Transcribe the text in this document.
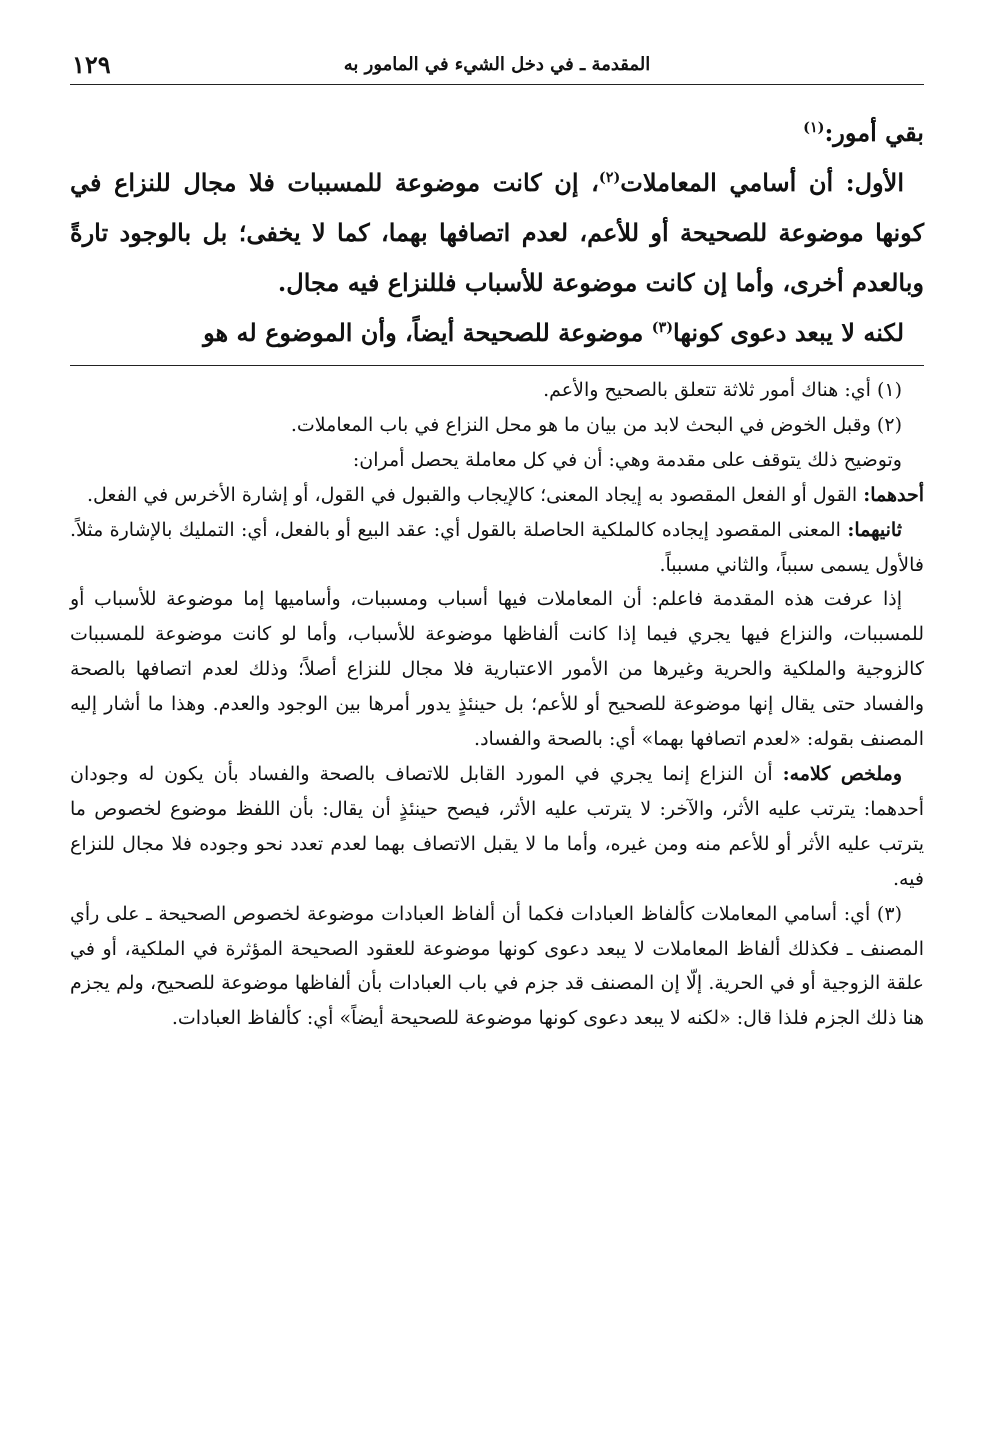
المقدمة ـ في دخل الشيء في المامور به
١٢٩

بقي أمور:$^{(١)}$

الأول: أن أسامي المعاملات$^{(٢)}$، إن كانت موضوعة للمسببات فلا مجال للنزاع في كونها موضوعة للصحيحة أو للأعم، لعدم اتصافها بهما، كما لا يخفى؛ بل بالوجود تارةً وبالعدم أخرى، وأما إن كانت موضوعة للأسباب فللنزاع فيه مجال.

لكنه لا يبعد دعوى كونها$^{(٣)}$ موضوعة للصحيحة أيضاً، وأن الموضوع له هو

(١) أي: هناك أمور ثلاثة تتعلق بالصحيح والأعم.

(٢) وقبل الخوض في البحث لابد من بيان ما هو محل النزاع في باب المعاملات.

وتوضيح ذلك يتوقف على مقدمة وهي: أن في كل معاملة يحصل أمران:

أحدهما: القول أو الفعل المقصود به إيجاد المعنى؛ كالإيجاب والقبول في القول، أو إشارة الأخرس في الفعل.

ثانيهما: المعنى المقصود إيجاده كالملكية الحاصلة بالقول أي: عقد البيع أو بالفعل، أي: التمليك بالإشارة مثلاً. فالأول يسمى سبباً، والثاني مسبباً.

إذا عرفت هذه المقدمة فاعلم: أن المعاملات فيها أسباب ومسببات، وأساميها إما موضوعة للأسباب أو للمسببات، والنزاع فيها يجري فيما إذا كانت ألفاظها موضوعة للأسباب، وأما لو كانت موضوعة للمسببات كالزوجية والملكية والحرية وغيرها من الأمور الاعتبارية فلا مجال للنزاع أصلاً؛ وذلك لعدم اتصافها بالصحة والفساد حتى يقال إنها موضوعة للصحيح أو للأعم؛ بل حينئذٍ يدور أمرها بين الوجود والعدم. وهذا ما أشار إليه المصنف بقوله: «لعدم اتصافها بهما» أي: بالصحة والفساد.

وملخص كلامه: أن النزاع إنما يجري في المورد القابل للاتصاف بالصحة والفساد بأن يكون له وجودان أحدهما: يترتب عليه الأثر، والآخر: لا يترتب عليه الأثر، فيصح حينئذٍ أن يقال: بأن اللفظ موضوع لخصوص ما يترتب عليه الأثر أو للأعم منه ومن غيره، وأما ما لا يقبل الاتصاف بهما لعدم تعدد نحو وجوده فلا مجال للنزاع فيه.

(٣) أي: أسامي المعاملات كألفاظ العبادات فكما أن ألفاظ العبادات موضوعة لخصوص الصحيحة ـ على رأي المصنف ـ فكذلك ألفاظ المعاملات لا يبعد دعوى كونها موضوعة للعقود الصحيحة المؤثرة في الملكية، أو في علقة الزوجية أو في الحرية. إلّا إن المصنف قد جزم في باب العبادات بأن ألفاظها موضوعة للصحيح، ولم يجزم هنا ذلك الجزم فلذا قال: «لكنه لا يبعد دعوى كونها موضوعة للصحيحة أيضاً» أي: كألفاظ العبادات.
